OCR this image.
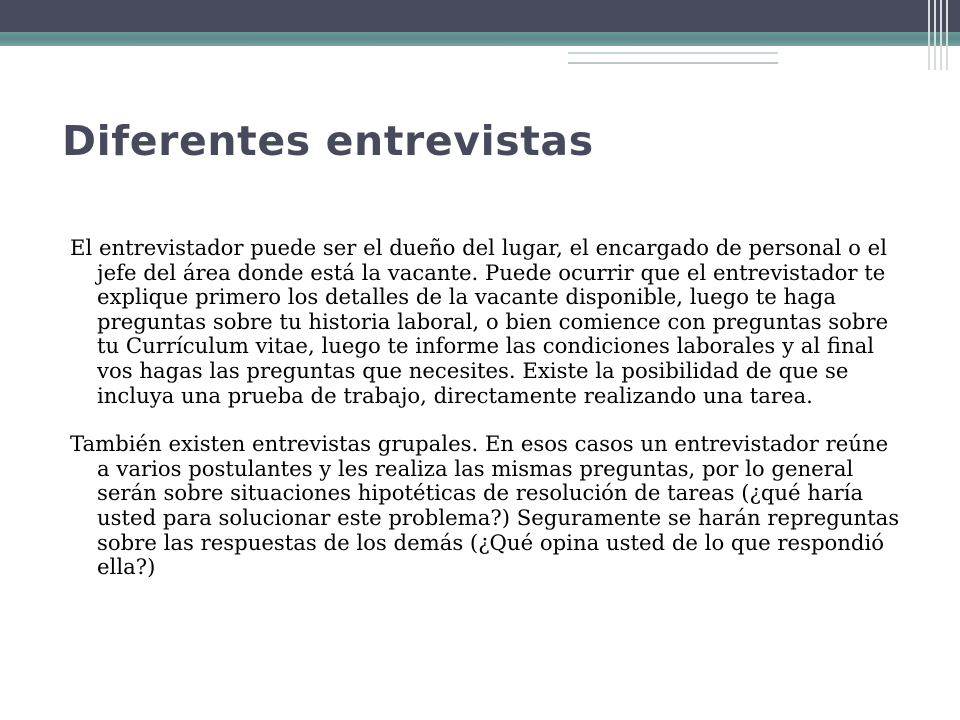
Diferentes entrevistas

El entrevistador puede ser el dueño del lugar, el encargado de personal o el jefe del área donde está la vacante. Puede ocurrir que el entrevistador te explique primero los detalles de la vacante disponible, luego te haga preguntas sobre tu historia laboral, o bien comience con preguntas sobre tu Currículum vitae, luego te informe las condiciones laborales y al final vos hagas las preguntas que necesites. Existe la posibilidad de que se incluya una prueba de trabajo, directamente realizando una tarea.

También existen entrevistas grupales. En esos casos un entrevistador reúne a varios postulantes y les realiza las mismas preguntas, por lo general serán sobre situaciones hipotéticas de resolución de tareas (¿qué haría usted para solucionar este problema?) Seguramente se harán repreguntas sobre las respuestas de los demás (¿Qué opina usted de lo que respondió ella?)
